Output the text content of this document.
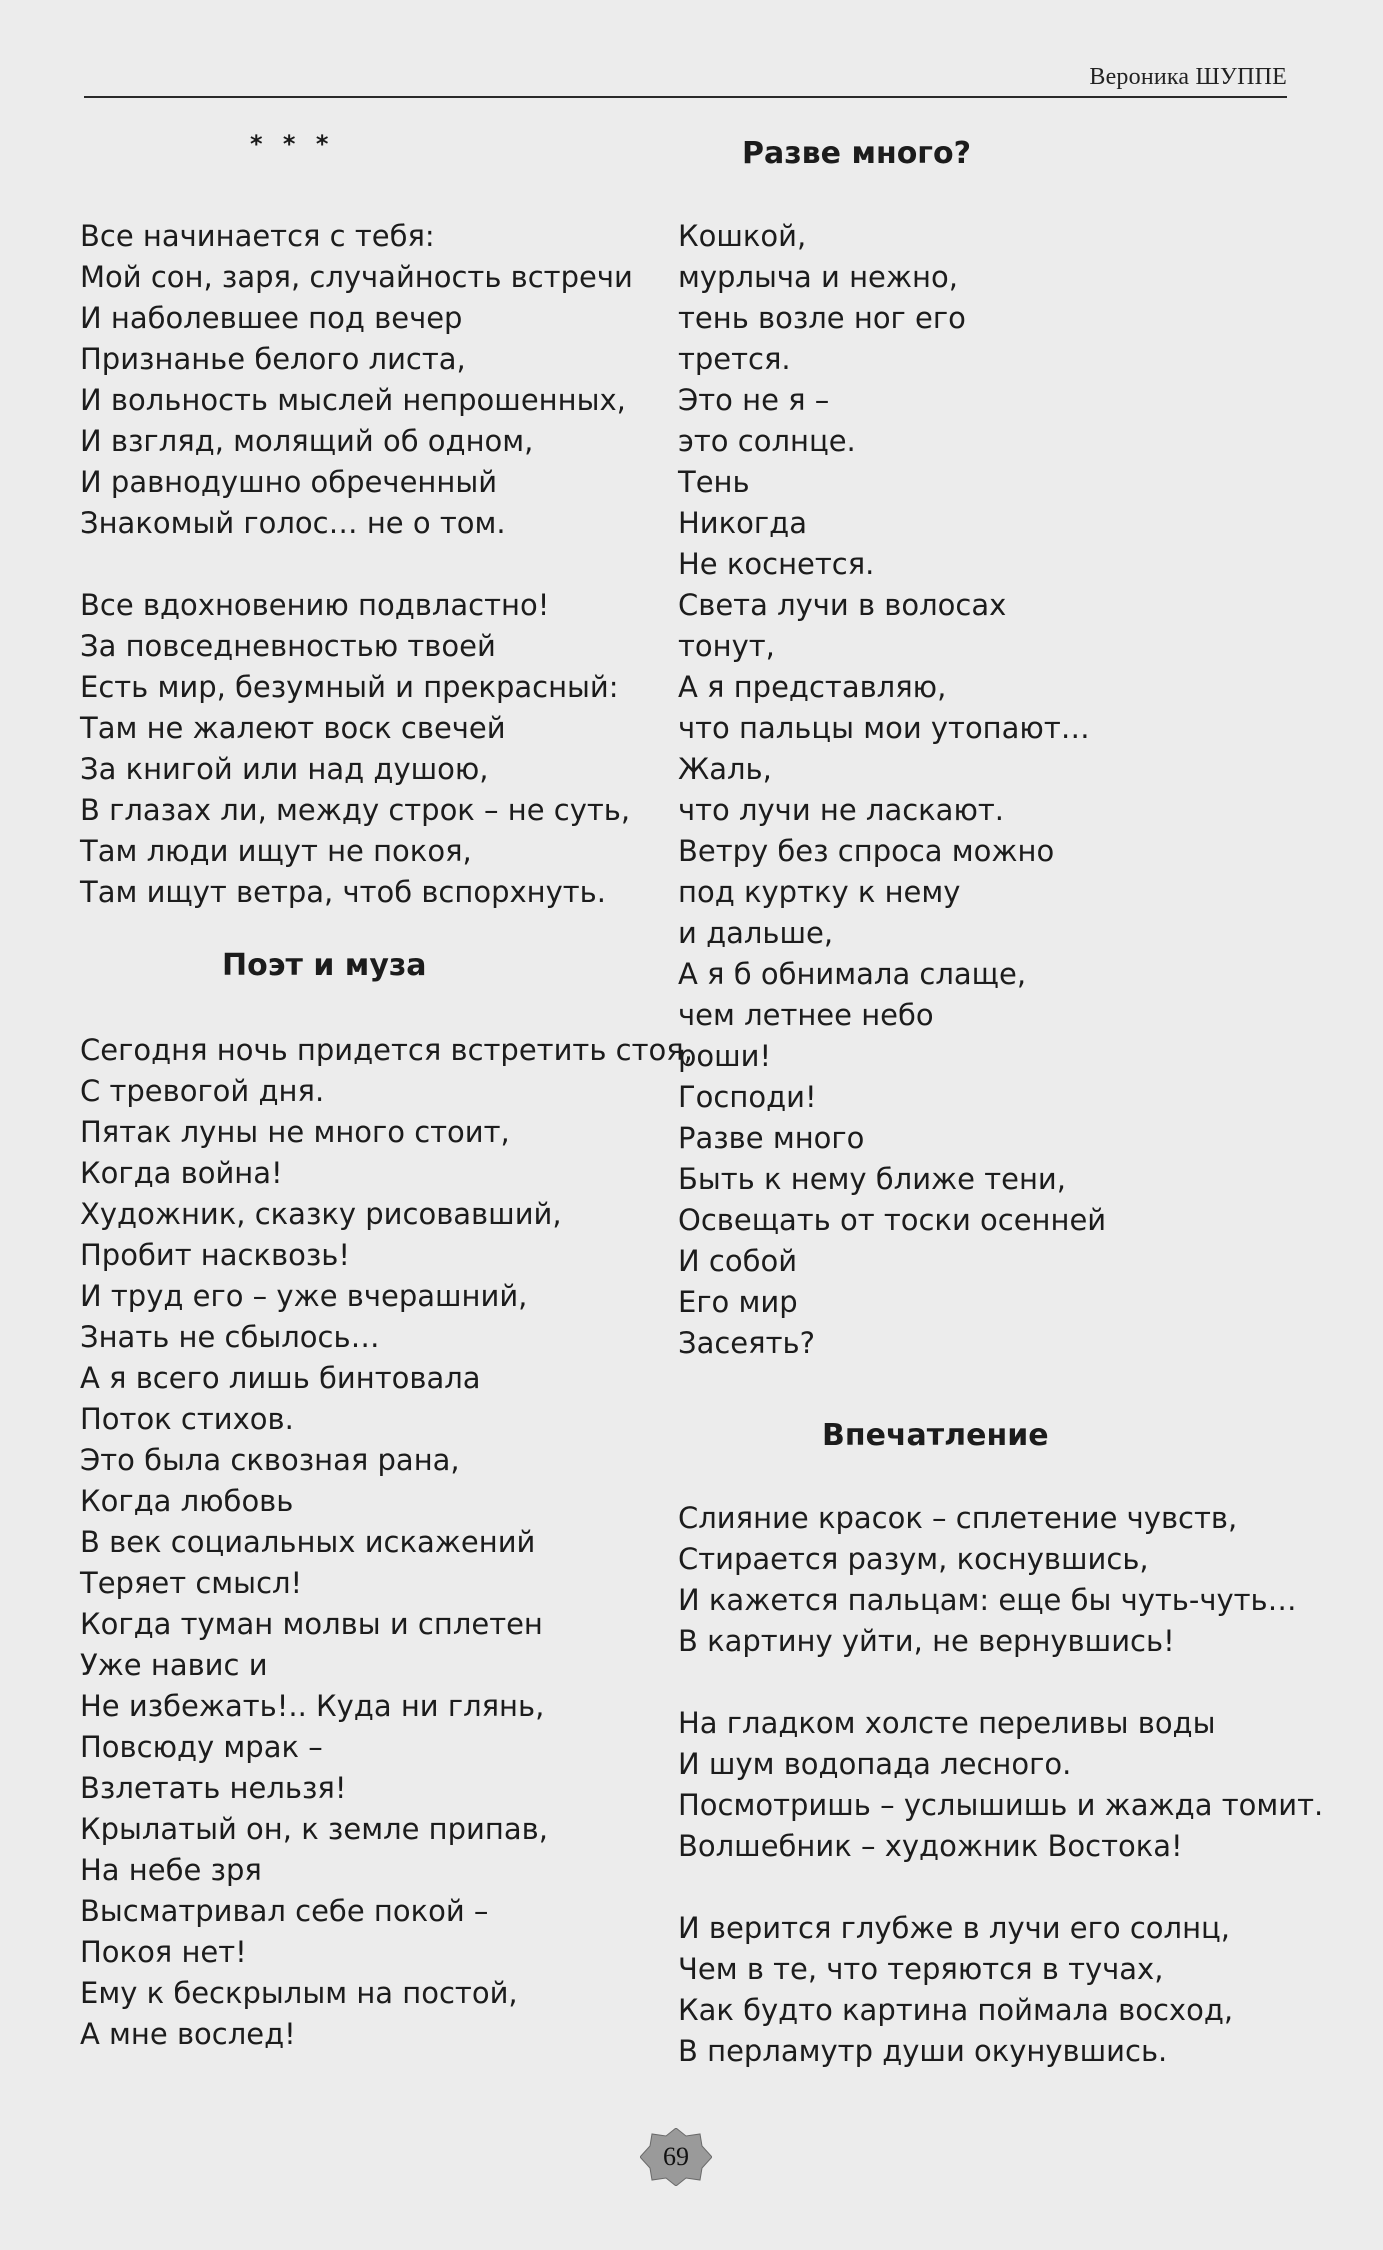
Вероника ШУППЕ
* * *
Все начинается с тебя:
Мой сон, заря, случайность встречи
И наболевшее под вечер
Признанье белого листа,
И вольность мыслей непрошенных,
И взгляд, молящий об одном,
И равнодушно обреченный
Знакомый голос… не о том.
Все вдохновению подвластно!
За повседневностью твоей
Есть мир, безумный и прекрасный:
Там не жалеют воск свечей
За книгой или над душою,
В глазах ли, между строк – не суть,
Там люди ищут не покоя,
Там ищут ветра, чтоб вспорхнуть.
Поэт и муза
Сегодня ночь придется встретить стоя,
С тревогой дня.
Пятак луны не много стоит,
Когда война!
Художник, сказку рисовавший,
Пробит насквозь!
И труд его – уже вчерашний,
Знать не сбылось…
А я всего лишь бинтовала
Поток стихов.
Это была сквозная рана,
Когда любовь
В век социальных искажений
Теряет смысл!
Когда туман молвы и сплетен
Уже навис и
Не избежать!.. Куда ни глянь,
Повсюду мрак –
Взлетать нельзя!
Крылатый он, к земле припав,
На небе зря
Высматривал себе покой –
Покоя нет!
Ему к бескрылым на постой,
А мне вослед!
Разве много?
Кошкой,
мурлыча и нежно,
тень возле ног его
трется.
Это не я –
это солнце.
Тень
Никогда
Не коснется.
Света лучи в волосах
тонут,
А я представляю,
что пальцы мои утопают…
Жаль,
что лучи не ласкают.
Ветру без спроса можно
под куртку к нему
и дальше,
А я б обнимала слаще,
чем летнее небо
роши!
Господи!
Разве много
Быть к нему ближе тени,
Освещать от тоски осенней
И собой
Его мир
Засеять?
Впечатление
Слияние красок – сплетение чувств,
Стирается разум, коснувшись,
И кажется пальцам: еще бы чуть-чуть…
В картину уйти, не вернувшись!
На гладком холсте переливы воды
И шум водопада лесного.
Посмотришь – услышишь и жажда томит.
Волшебник – художник Востока!
И верится глубже в лучи его солнц,
Чем в те, что теряются в тучах,
Как будто картина поймала восход,
В перламутр души окунувшись.
69
